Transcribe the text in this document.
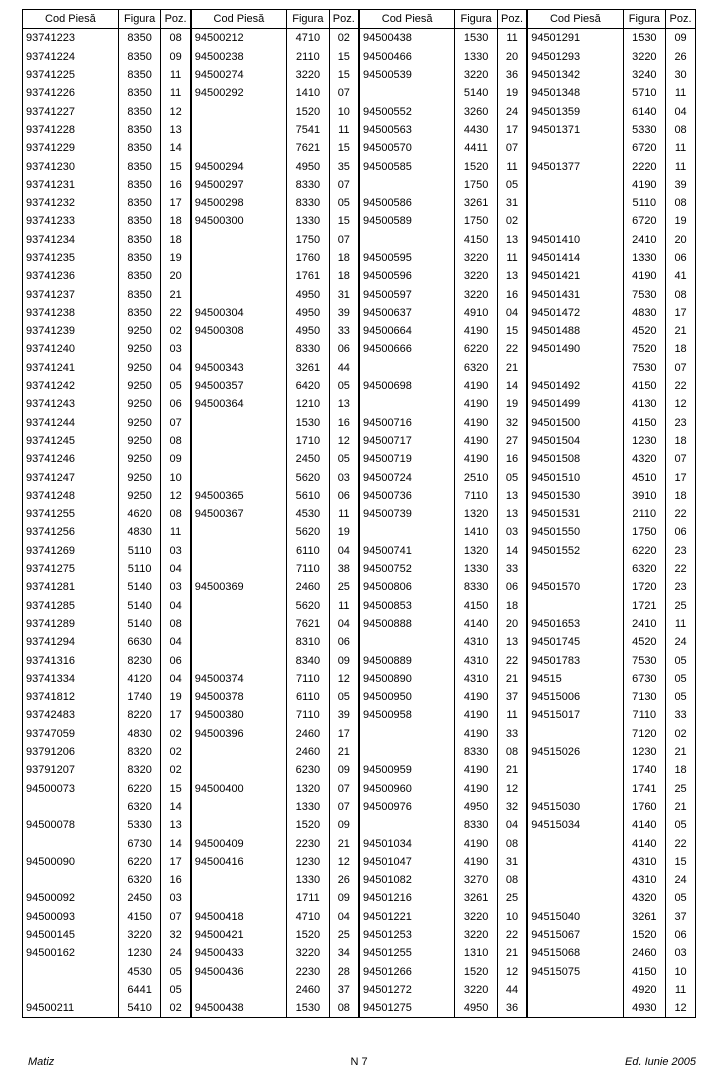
Cod Piesă	Figura	Poz.	Cod Piesă	Figura	Poz.	Cod Piesă	Figura	Poz.	Cod Piesă	Figura	Poz.
93741223	8350	08	94500212	4710	02	94500438	1530	11	94501291	1530	09
93741224	8350	09	94500238	2110	15	94500466	1330	20	94501293	3220	26
93741225	8350	11	94500274	3220	15	94500539	3220	36	94501342	3240	30
93741226	8350	11	94500292	1410	07		5140	19	94501348	5710	11
93741227	8350	12		1520	10	94500552	3260	24	94501359	6140	04
93741228	8350	13		7541	11	94500563	4430	17	94501371	5330	08
93741229	8350	14		7621	15	94500570	4411	07		6720	11
93741230	8350	15	94500294	4950	35	94500585	1520	11	94501377	2220	11
93741231	8350	16	94500297	8330	07		1750	05		4190	39
93741232	8350	17	94500298	8330	05	94500586	3261	31		5110	08
93741233	8350	18	94500300	1330	15	94500589	1750	02		6720	19
93741234	8350	18		1750	07		4150	13	94501410	2410	20
93741235	8350	19		1760	18	94500595	3220	11	94501414	1330	06
93741236	8350	20		1761	18	94500596	3220	13	94501421	4190	41
93741237	8350	21		4950	31	94500597	3220	16	94501431	7530	08
93741238	8350	22	94500304	4950	39	94500637	4910	04	94501472	4830	17
93741239	9250	02	94500308	4950	33	94500664	4190	15	94501488	4520	21
93741240	9250	03		8330	06	94500666	6220	22	94501490	7520	18
93741241	9250	04	94500343	3261	44		6320	21		7530	07
93741242	9250	05	94500357	6420	05	94500698	4190	14	94501492	4150	22
93741243	9250	06	94500364	1210	13		4190	19	94501499	4130	12
93741244	9250	07		1530	16	94500716	4190	32	94501500	4150	23
93741245	9250	08		1710	12	94500717	4190	27	94501504	1230	18
93741246	9250	09		2450	05	94500719	4190	16	94501508	4320	07
93741247	9250	10		5620	03	94500724	2510	05	94501510	4510	17
93741248	9250	12	94500365	5610	06	94500736	7110	13	94501530	3910	18
93741255	4620	08	94500367	4530	11	94500739	1320	13	94501531	2110	22
93741256	4830	11		5620	19		1410	03	94501550	1750	06
93741269	5110	03		6110	04	94500741	1320	14	94501552	6220	23
93741275	5110	04		7110	38	94500752	1330	33		6320	22
93741281	5140	03	94500369	2460	25	94500806	8330	06	94501570	1720	23
93741285	5140	04		5620	11	94500853	4150	18		1721	25
93741289	5140	08		7621	04	94500888	4140	20	94501653	2410	11
93741294	6630	04		8310	06		4310	13	94501745	4520	24
93741316	8230	06		8340	09	94500889	4310	22	94501783	7530	05
93741334	4120	04	94500374	7110	12	94500890	4310	21	94515	6730	05
93741812	1740	19	94500378	6110	05	94500950	4190	37	94515006	7130	05
93742483	8220	17	94500380	7110	39	94500958	4190	11	94515017	7110	33
93747059	4830	02	94500396	2460	17		4190	33		7120	02
93791206	8320	02		2460	21		8330	08	94515026	1230	21
93791207	8320	02		6230	09	94500959	4190	21		1740	18
94500073	6220	15	94500400	1320	07	94500960	4190	12		1741	25
	6320	14		1330	07	94500976	4950	32	94515030	1760	21
94500078	5330	13		1520	09		8330	04	94515034	4140	05
	6730	14	94500409	2230	21	94501034	4190	08		4140	22
94500090	6220	17	94500416	1230	12	94501047	4190	31		4310	15
	6320	16		1330	26	94501082	3270	08		4310	24
94500092	2450	03		1711	09	94501216	3261	25		4320	05
94500093	4150	07	94500418	4710	04	94501221	3220	10	94515040	3261	37
94500145	3220	32	94500421	1520	25	94501253	3220	22	94515067	1520	06
94500162	1230	24	94500433	3220	34	94501255	1310	21	94515068	2460	03
	4530	05	94500436	2230	28	94501266	1520	12	94515075	4150	10
	6441	05		2460	37	94501272	3220	44		4920	11
94500211	5410	02	94500438	1530	08	94501275	4950	36		4930	12
Matiz	N 7	Ed. Iunie 2005
